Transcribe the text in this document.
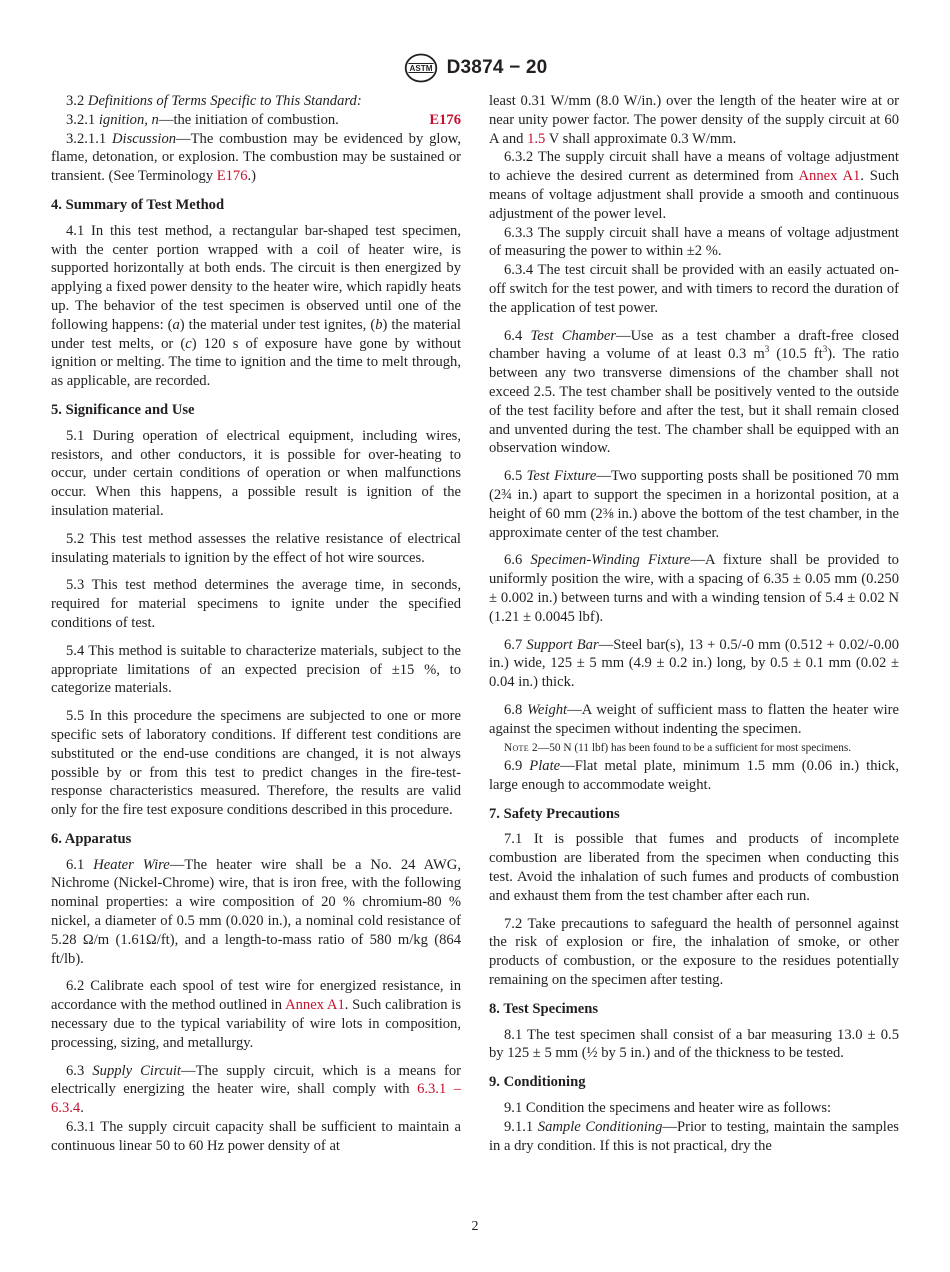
ASTM D3874 − 20

3.2 Definitions of Terms Specific to This Standard:

3.2.1 ignition, n—the initiation of combustion.	E176

3.2.1.1 Discussion—The combustion may be evidenced by glow, flame, detonation, or explosion. The combustion may be sustained or transient. (See Terminology E176.)

4. Summary of Test Method

4.1 In this test method, a rectangular bar-shaped test specimen, with the center portion wrapped with a coil of heater wire, is supported horizontally at both ends. The circuit is then energized by applying a fixed power density to the heater wire, which rapidly heats up. The behavior of the test specimen is observed until one of the following happens: (a) the material under test ignites, (b) the material under test melts, or (c) 120 s of exposure have gone by without ignition or melting. The time to ignition and the time to melt through, as applicable, are recorded.

5. Significance and Use

5.1 During operation of electrical equipment, including wires, resistors, and other conductors, it is possible for over-heating to occur, under certain conditions of operation or when malfunctions occur. When this happens, a possible result is ignition of the insulation material.

5.2 This test method assesses the relative resistance of electrical insulating materials to ignition by the effect of hot wire sources.

5.3 This test method determines the average time, in seconds, required for material specimens to ignite under the specified conditions of test.

5.4 This method is suitable to characterize materials, subject to the appropriate limitations of an expected precision of ±15 %, to categorize materials.

5.5 In this procedure the specimens are subjected to one or more specific sets of laboratory conditions. If different test conditions are substituted or the end-use conditions are changed, it is not always possible by or from this test to predict changes in the fire-test-response characteristics measured. Therefore, the results are valid only for the fire test exposure conditions described in this procedure.

6. Apparatus

6.1 Heater Wire—The heater wire shall be a No. 24 AWG, Nichrome (Nickel-Chrome) wire, that is iron free, with the following nominal properties: a wire composition of 20 % chromium-80 % nickel, a diameter of 0.5 mm (0.020 in.), a nominal cold resistance of 5.28 Ω/m (1.61Ω/ft), and a length-to-mass ratio of 580 m/kg (864 ft/lb).

6.2 Calibrate each spool of test wire for energized resistance, in accordance with the method outlined in Annex A1. Such calibration is necessary due to the typical variability of wire lots in composition, processing, sizing, and metallurgy.

6.3 Supply Circuit—The supply circuit, which is a means for electrically energizing the heater wire, shall comply with 6.3.1 – 6.3.4.

6.3.1 The supply circuit capacity shall be sufficient to maintain a continuous linear 50 to 60 Hz power density of at

least 0.31 W/mm (8.0 W/in.) over the length of the heater wire at or near unity power factor. The power density of the supply circuit at 60 A and 1.5 V shall approximate 0.3 W/mm.

6.3.2 The supply circuit shall have a means of voltage adjustment to achieve the desired current as determined from Annex A1. Such means of voltage adjustment shall provide a smooth and continuous adjustment of the power level.

6.3.3 The supply circuit shall have a means of voltage adjustment of measuring the power to within ±2 %.

6.3.4 The test circuit shall be provided with an easily actuated on-off switch for the test power, and with timers to record the duration of the application of test power.

6.4 Test Chamber—Use as a test chamber a draft-free closed chamber having a volume of at least 0.3 $m^3$ (10.5 $ft^3$). The ratio between any two transverse dimensions of the chamber shall not exceed 2.5. The test chamber shall be positively vented to the outside of the test facility before and after the test, but it shall remain closed and unvented during the test. The chamber shall be equipped with an observation window.

6.5 Test Fixture—Two supporting posts shall be positioned 70 mm (2¾ in.) apart to support the specimen in a horizontal position, at a height of 60 mm (2⅜ in.) above the bottom of the test chamber, in the approximate center of the test chamber.

6.6 Specimen-Winding Fixture—A fixture shall be provided to uniformly position the wire, with a spacing of 6.35 ± 0.05 mm (0.250 ± 0.002 in.) between turns and with a winding tension of 5.4 ± 0.02 N (1.21 ± 0.0045 lbf).

6.7 Support Bar—Steel bar(s), 13 + 0.5/-0 mm (0.512 + 0.02/-0.00 in.) wide, 125 ± 5 mm (4.9 ± 0.2 in.) long, by 0.5 ± 0.1 mm (0.02 ± 0.04 in.) thick.

6.8 Weight—A weight of sufficient mass to flatten the heater wire against the specimen without indenting the specimen.

Note 2—50 N (11 lbf) has been found to be a sufficient for most specimens.

6.9 Plate—Flat metal plate, minimum 1.5 mm (0.06 in.) thick, large enough to accommodate weight.

7. Safety Precautions

7.1 It is possible that fumes and products of incomplete combustion are liberated from the specimen when conducting this test. Avoid the inhalation of such fumes and products of combustion and exhaust them from the test chamber after each run.

7.2 Take precautions to safeguard the health of personnel against the risk of explosion or fire, the inhalation of smoke, or other products of combustion, or the exposure to the residues potentially remaining on the specimen after testing.

8. Test Specimens

8.1 The test specimen shall consist of a bar measuring 13.0 ± 0.5 by 125 ± 5 mm (½ by 5 in.) and of the thickness to be tested.

9. Conditioning

9.1 Condition the specimens and heater wire as follows:

9.1.1 Sample Conditioning—Prior to testing, maintain the samples in a dry condition. If this is not practical, dry the

2
